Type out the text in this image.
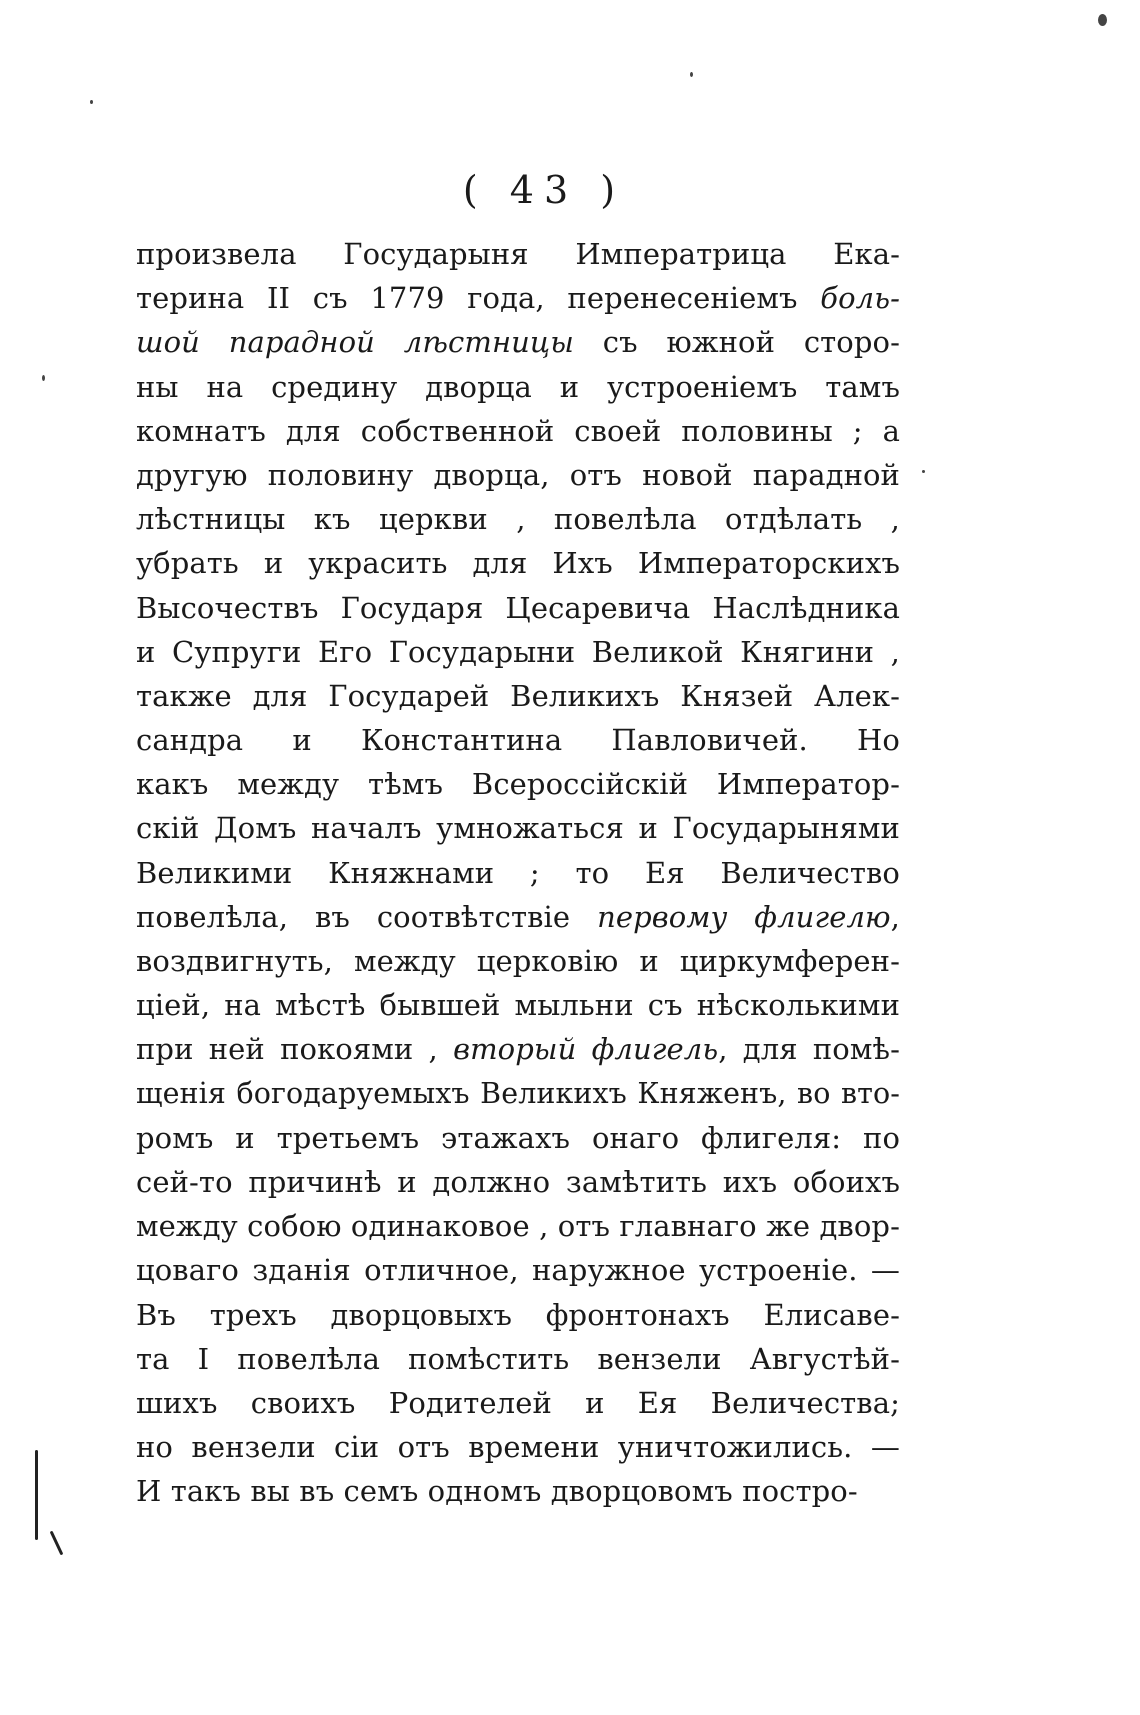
( 43 )
произвела Государыня Императрица Ека-
терина II съ 1779 года, перенесеніемъ боль-
шой парадной лѣстницы съ южной сторо-
ны на средину дворца и устроеніемъ тамъ
комнатъ для собственной своей половины ; а
другую половину дворца, отъ новой парадной
лѣстницы къ церкви , повелѣла отдѣлать ,
убрать и украсить для Ихъ Императорскихъ
Высочествъ Государя Цесаревича Наслѣдника
и Супруги Его Государыни Великой Княгини ,
также для Государей Великихъ Князей Алек-
сандра и Константина Павловичей. Но
какъ между тѣмъ Всероссійскій Император-
скій Домъ началъ умножаться и Государынями
Великими Княжнами ; то Ея Величество
повелѣла, въ соотвѣтствіе первому флигелю,
воздвигнуть, между церковію и циркумферен-
ціей, на мѣстѣ бывшей мыльни съ нѣсколькими
при ней покоями , вторый флигель, для помѣ-
щенія богодаруемыхъ Великихъ Княженъ, во вто-
ромъ и третьемъ этажахъ онаго флигеля: по
сей-то причинѣ и должно замѣтить ихъ обоихъ
между собою одинаковое , отъ главнаго же двор-
цоваго зданія отличное, наружное устроеніе. —
Въ трехъ дворцовыхъ фронтонахъ Елисаве-
та I повелѣла помѣстить вензели Августѣй-
шихъ своихъ Родителей и Ея Величества;
но вензели сіи отъ времени уничтожились. —
И такъ вы въ семъ одномъ дворцовомъ постро-
